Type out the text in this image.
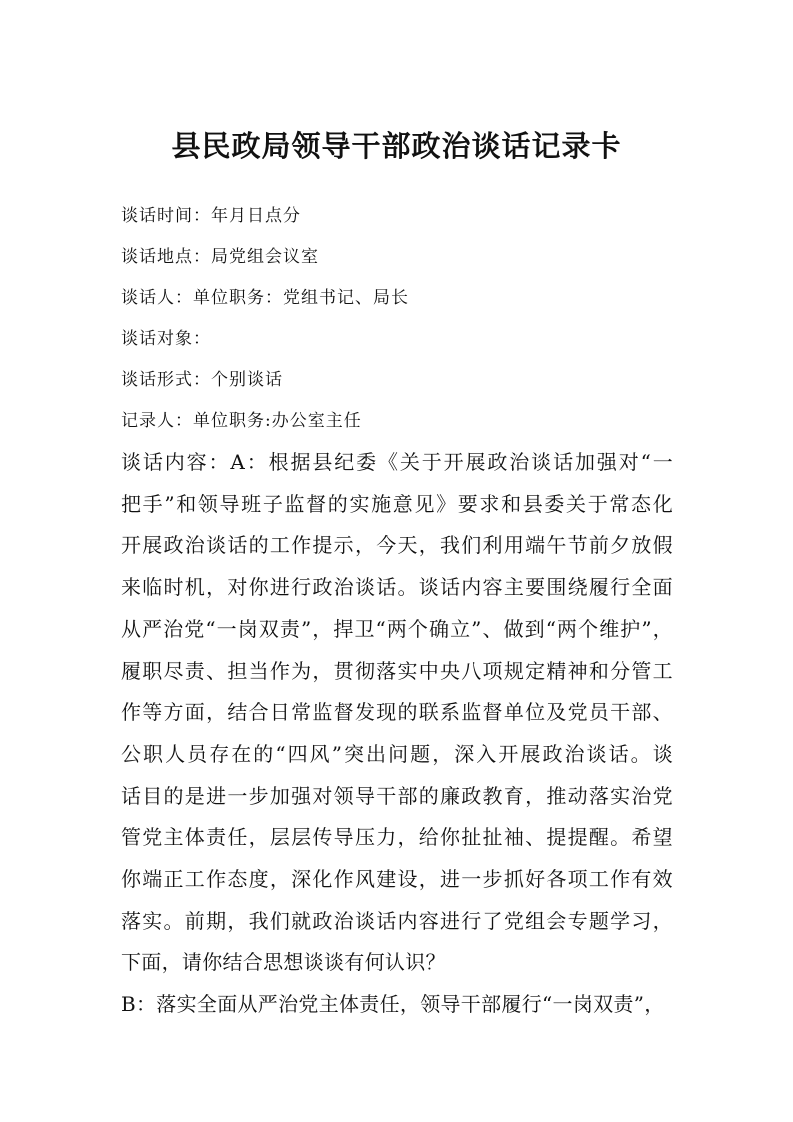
县民政局领导干部政治谈话记录卡
谈话时间：年月日点分
谈话地点：局党组会议室
谈话人：单位职务：党组书记、局长
谈话对象：
谈话形式：个别谈话
记录人：单位职务:办公室主任

谈话内容：A：根据县纪委《关于开展政治谈话加强对“一
把手”和领导班子监督的实施意见》要求和县委关于常态化
开展政治谈话的工作提示，今天，我们利用端午节前夕放假
来临时机，对你进行政治谈话。谈话内容主要围绕履行全面
从严治党“一岗双责”，捍卫“两个确立”、做到“两个维护”，
履职尽责、担当作为，贯彻落实中央八项规定精神和分管工
作等方面，结合日常监督发现的联系监督单位及党员干部、
公职人员存在的“四风”突出问题，深入开展政治谈话。谈
话目的是进一步加强对领导干部的廉政教育，推动落实治党
管党主体责任，层层传导压力，给你扯扯袖、提提醒。希望
你端正工作态度，深化作风建设，进一步抓好各项工作有效
落实。前期，我们就政治谈话内容进行了党组会专题学习，
下面，请你结合思想谈谈有何认识？

B：落实全面从严治党主体责任，领导干部履行“一岗双责”，
